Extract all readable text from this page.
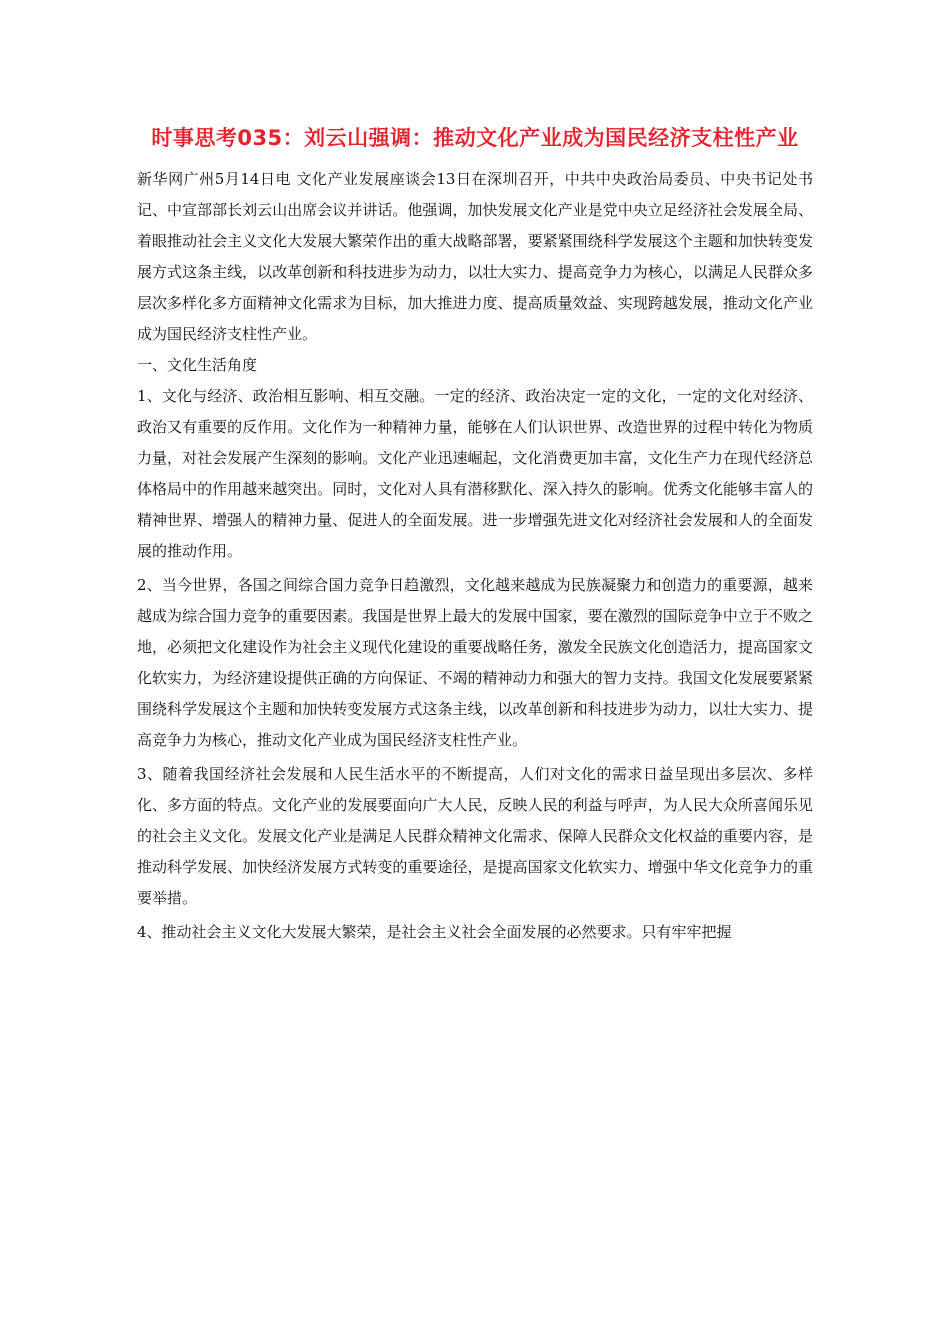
时事思考035：刘云山强调：推动文化产业成为国民经济支柱性产业

新华网广州5月14日电 文化产业发展座谈会13日在深圳召开，中共中央政治局委员、中央书记处书记、中宣部部长刘云山出席会议并讲话。他强调，加快发展文化产业是党中央立足经济社会发展全局、着眼推动社会主义文化大发展大繁荣作出的重大战略部署，要紧紧围绕科学发展这个主题和加快转变发展方式这条主线，以改革创新和科技进步为动力，以壮大实力、提高竞争力为核心，以满足人民群众多层次多样化多方面精神文化需求为目标，加大推进力度、提高质量效益、实现跨越发展，推动文化产业成为国民经济支柱性产业。

一、文化生活角度

1、文化与经济、政治相互影响、相互交融。一定的经济、政治决定一定的文化，一定的文化对经济、政治又有重要的反作用。文化作为一种精神力量，能够在人们认识世界、改造世界的过程中转化为物质力量，对社会发展产生深刻的影响。文化产业迅速崛起，文化消费更加丰富，文化生产力在现代经济总体格局中的作用越来越突出。同时，文化对人具有潜移默化、深入持久的影响。优秀文化能够丰富人的精神世界、增强人的精神力量、促进人的全面发展。进一步增强先进文化对经济社会发展和人的全面发展的推动作用。

2、当今世界，各国之间综合国力竞争日趋激烈，文化越来越成为民族凝聚力和创造力的重要源，越来越成为综合国力竞争的重要因素。我国是世界上最大的发展中国家，要在激烈的国际竞争中立于不败之地，必须把文化建设作为社会主义现代化建设的重要战略任务，激发全民族文化创造活力，提高国家文化软实力，为经济建设提供正确的方向保证、不竭的精神动力和强大的智力支持。我国文化发展要紧紧围绕科学发展这个主题和加快转变发展方式这条主线，以改革创新和科技进步为动力，以壮大实力、提高竞争力为核心，推动文化产业成为国民经济支柱性产业。

3、随着我国经济社会发展和人民生活水平的不断提高，人们对文化的需求日益呈现出多层次、多样化、多方面的特点。文化产业的发展要面向广大人民，反映人民的利益与呼声，为人民大众所喜闻乐见的社会主义文化。发展文化产业是满足人民群众精神文化需求、保障人民群众文化权益的重要内容，是推动科学发展、加快经济发展方式转变的重要途径，是提高国家文化软实力、增强中华文化竞争力的重要举措。

4、推动社会主义文化大发展大繁荣，是社会主义社会全面发展的必然要求。只有牢牢把握
